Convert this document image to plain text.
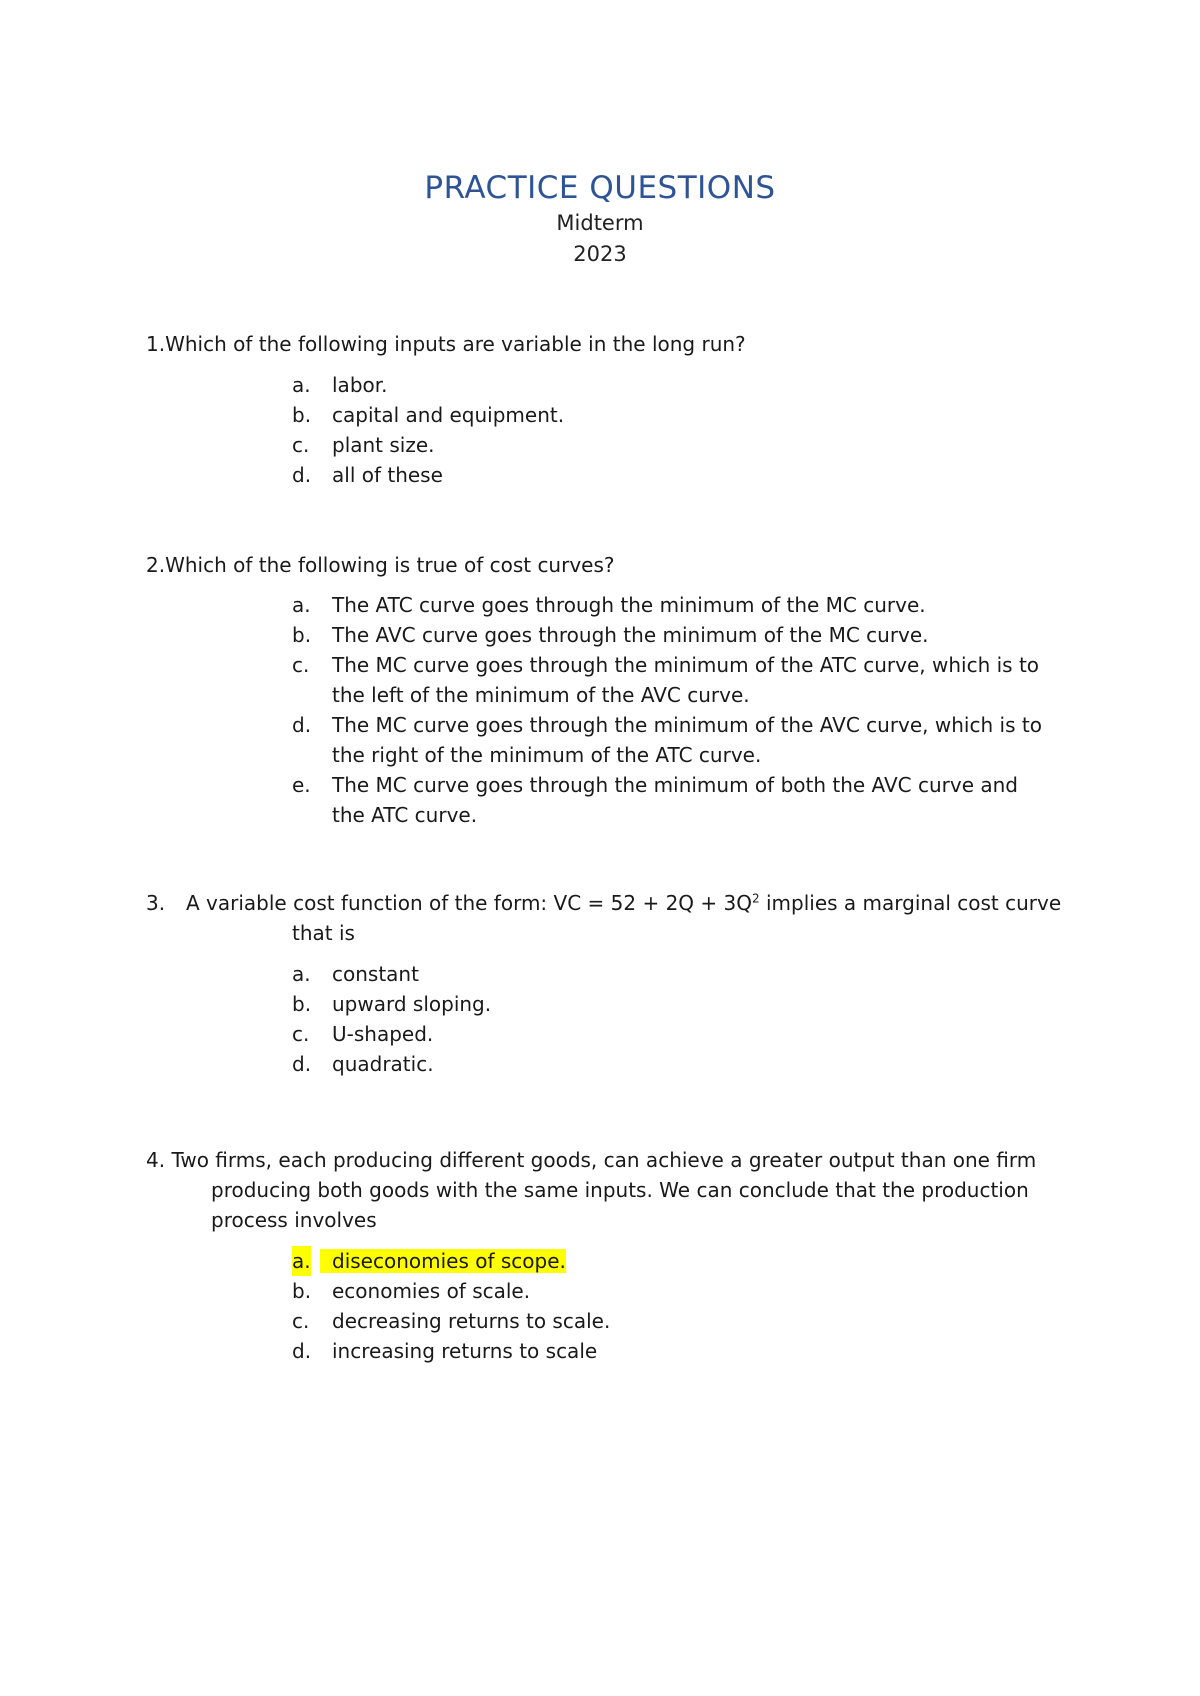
PRACTICE QUESTIONS
Midterm
2023
1.Which of the following inputs are variable in the long run?
a. labor.
b. capital and equipment.
c. plant size.
d. all of these
2.Which of the following is true of cost curves?
a. The ATC curve goes through the minimum of the MC curve.
b. The AVC curve goes through the minimum of the MC curve.
c. The MC curve goes through the minimum of the ATC curve, which is to the left of the minimum of the AVC curve.
d. The MC curve goes through the minimum of the AVC curve, which is to the right of the minimum of the ATC curve.
e. The MC curve goes through the minimum of both the AVC curve and the ATC curve.
3.	A variable cost function of the form: VC = $52 + 2Q + 3Q^2$ implies a marginal cost curve
that is
a. constant
b. upward sloping.
c. U-shaped.
d. quadratic.
4. Two firms, each producing different goods, can achieve a greater output than one firm
producing both goods with the same inputs. We can conclude that the production
process involves
a. diseconomies of scope.
b. economies of scale.
c. decreasing returns to scale.
d. increasing returns to scale
